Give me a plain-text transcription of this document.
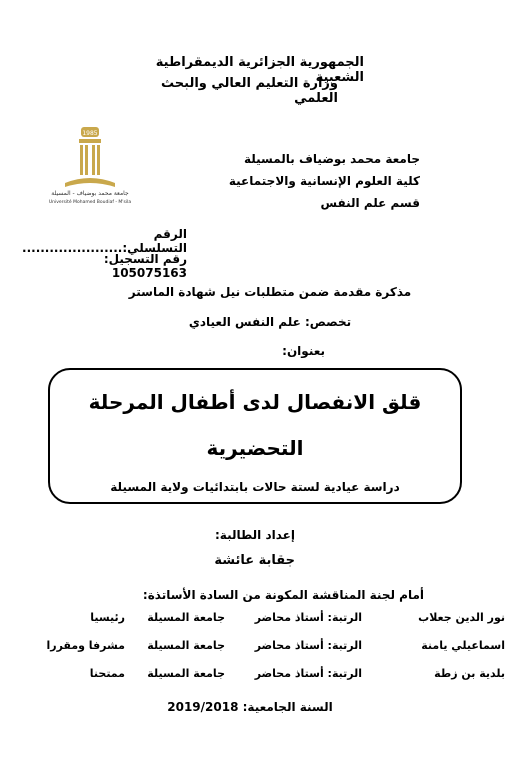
الجمهورية الجزائرية الديمقراطية الشعبية
وزارة التعليم العالي والبحث العلمي
1985
جامعة محمد بوضياف - المسيلة
Université Mohamed Boudiaf - M'sila
جامعة محمد بوضياف بالمسيلة
كلية العلوم الإنسانية والاجتماعية
قسم علم النفس
الرقم التسلسلي:......................
رقم التسجيل: 105075163
مذكرة مقدمة ضمن متطلبات نيل شهادة الماستر
تخصص: علم النفس العيادي
بعنوان:
قلق الانفصال لدى أطفال المرحلة
التحضيرية
دراسة عيادية لستة حالات بابتدائيات ولاية المسيلة
إعداد الطالبة:
جقابة عائشة
أمام لجنة المناقشة المكونة من السادة الأساتذة:
نور الدين جعلاب
الرتبة: أستاذ محاضر
جامعة المسيلة
رئيسيا
اسماعيلي يامنة
الرتبة: أستاذ محاضر
جامعة المسيلة
مشرفا ومقررا
بلدية بن زطة
الرتبة: أستاذ محاضر
جامعة المسيلة
ممتحنا
السنة الجامعية: 2019/2018
